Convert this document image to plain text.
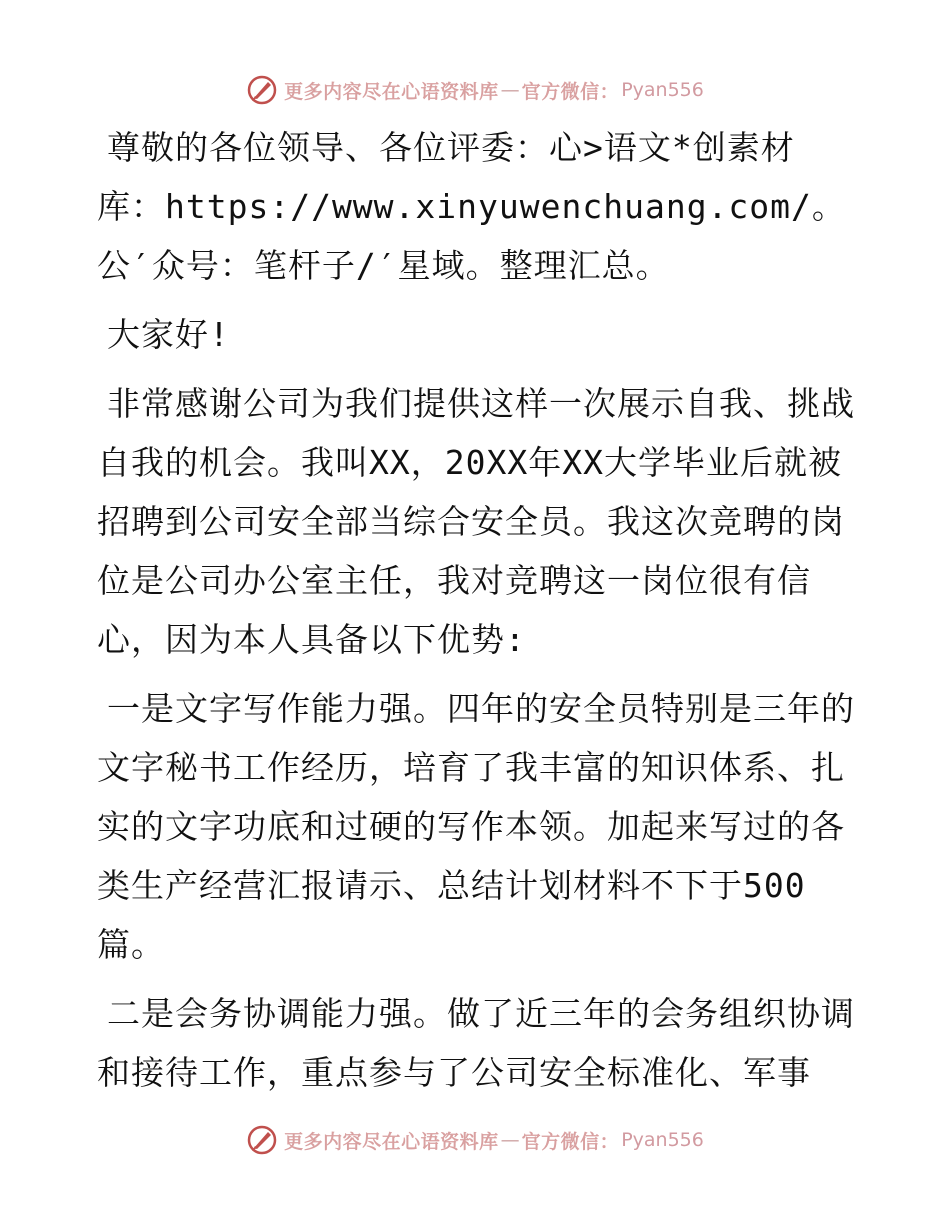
更多内容尽在心语资料库 — 官方微信： Pyan556

尊敬的各位领导、各位评委：心>语文*创素材库：https://www.xinyuwenchuang.com/。公′众号：笔杆子/′星域。整理汇总。

大家好!

非常感谢公司为我们提供这样一次展示自我、挑战自我的机会。我叫XX，20XX年XX大学毕业后就被招聘到公司安全部当综合安全员。我这次竞聘的岗位是公司办公室主任，我对竞聘这一岗位很有信心，因为本人具备以下优势:

一是文字写作能力强。四年的安全员特别是三年的文字秘书工作经历，培育了我丰富的知识体系、扎实的文字功底和过硬的写作本领。加起来写过的各类生产经营汇报请示、总结计划材料不下于500篇。

二是会务协调能力强。做了近三年的会务组织协调和接待工作，重点参与了公司安全标准化、军事

更多内容尽在心语资料库 — 官方微信： Pyan556
